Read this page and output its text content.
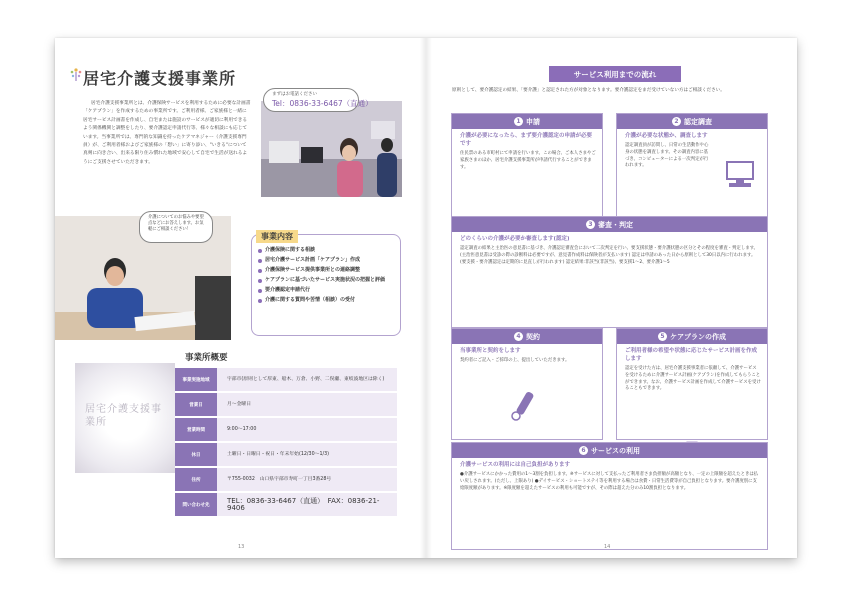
居宅介護支援事業所
居宅介護支援事業所とは、介護保険サービスを利用するために必要な計画書「ケアプラン」を作成するための事業所です。ご利用者様、ご家族様と一緒に居宅サービス計画書を作成し、自宅または施設のサービスが適切に利用できるよう関係機関と調整をしたり、要介護認定申請代行等、様々な相談にも応じています。当事業所では、専門的な知識を持ったケアマネジャー（介護支援専門員）が、ご利用者様およびご家族様の「想い」に寄り添い、"いきる"について真剣に向き合い、出来る限り住み慣れた地域で安心して自宅で生活が送れるようにご支援させていただきます。
まずはお電話ください
Tel：0836-33-6467（直通）
介護についてのお悩みや要望点などにお答えします。お気軽にご相談ください！
事業内容
介護保険に関する相談
居宅介護サービス計画「ケアプラン」作成
介護保険サービス提供事業所との連絡調整
ケアプランに基づいたサービス実施状況の把握と評価
要介護認定申請代行
介護に関する質問や苦情（相談）の受付
居宅介護支援事業所
事業所概要
事業実施地域	宇部市(原則として厚東、船木、万倉、小野、二俣瀬、東岐波地区は除く)
営業日	月〜金曜日
営業時間	9:00〜17:00
休日	土曜日・日曜日・祝日・年末年始(12/30〜1/3)
住所	〒755-0032　山口県宇部市寿町一丁目3番28号
問い合わせ先
TEL：0836-33-6467（直通）　FAX：0836-21-9406
13
サービス利用までの流れ
原則として、要介護認定の結果、「要介護」と認定された方が対象となります。要介護認定をまだ受けていない方はご相談ください。
1 申請
介護が必要になったら、まず要介護認定の申請が必要です
住民票のある市町村にて申請を行います。この場合、ご本人さまやご家族さまのほか、居宅介護支援事業所が申請代行することができます。
2 認定調査
介護が必要な状態か、調査します
認定調査員が訪問し、日常の生活動作や心身の状態を調査します。その調査内容に基づき、コンピューターによる一次判定が行われます。
3 審査・判定
どのくらいの介護が必要か審査します(認定)
認定調査の結果と主治医の意見書に基づき、介護認定審査会において二次判定を行い、要支援状態・要介護状態の区分とその程度を審査・判定します。(主治医意見書は受診の際の診断料は必要ですが、意見書作成料は保険者が支払います) 認定は申請のあった日から原則として30日以内に行われます。(要支援・要介護認定は定期的に見直しが行われます) 認定結果:非該当(非該当)、要支援1〜2、要介護1〜5
4 契約
当事業所と契約をします
契約者にご記入・ご捺印の上、提出していただきます。
5 ケアプランの作成
ご利用者様の希望や状態に応じたサービス計画を作成します
認定を受けた方は、居宅介護支援事業者に依頼して、介護サービスを受けるために介護サービス計画(ケアプラン)を作成してもらうことができます。なお、介護サービス計画を作成して介護サービスを受けることもできます。
6 サービスの利用
介護サービスの利用には自己負担があります
●介護サービスにかかった費用の1〜3割を負担します。※サービスに対して支払ったご利用者さま負担額が高額となり、一定の上限額を超えたときは払い戻しされます。(ただし、上限あり) ●デイサービス・ショートステイ等を利用する場合は食費・日常生活費等が自己負担となります。要介護度別に支給限度額があります。※限度額を超えたサービスの利用も可能ですが、その際は超えた分のみ10割負担となります。
14
